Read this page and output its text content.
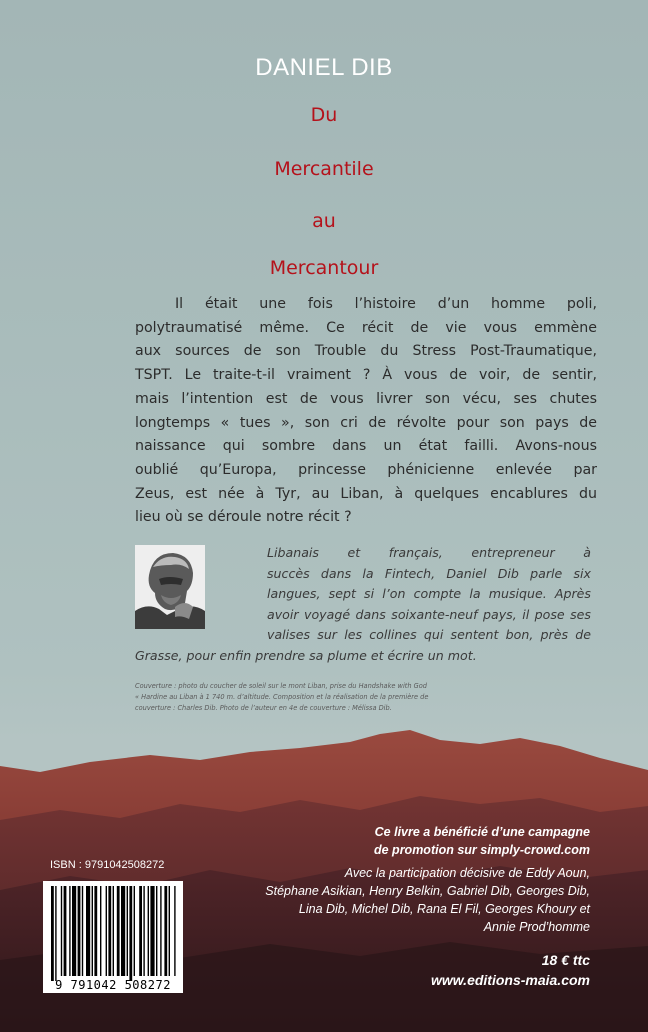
DANIEL DIB
Du
Mercantile
au
Mercantour
Il était une fois l’histoire d’un homme poli,
polytraumatisé même. Ce récit de vie vous emmène
aux sources de son Trouble du Stress Post-Traumatique,
TSPT. Le traite-t-il vraiment ? À vous de voir, de sentir,
mais l’intention est de vous livrer son vécu, ses chutes
longtemps « tues », son cri de révolte pour son pays de
naissance qui sombre dans un état failli. Avons-nous
oublié qu’Europa, princesse phénicienne enlevée par
Zeus, est née à Tyr, au Liban, à quelques encablures du
lieu où se déroule notre récit ?
Libanais et français, entrepreneur à
succès dans la Fintech, Daniel Dib parle six
langues, sept si l’on compte la musique. Après
avoir voyagé dans soixante-neuf pays, il pose ses
valises sur les collines qui sentent bon, près de
Grasse, pour enfin prendre sa plume et écrire un mot.
Couverture : photo du coucher de soleil sur le mont Liban, prise du Handshake with God
« Hardine au Liban à 1 740 m. d’altitude. Composition et la réalisation de la première de
couverture : Charles Dib. Photo de l’auteur en 4e de couverture : Mélissa Dib.
Ce livre a bénéficié d’une campagne
de promotion sur simply-crowd.com
Avec la participation décisive de Eddy Aoun,
Stéphane Asikian, Henry Belkin, Gabriel Dib, Georges Dib,
Lina Dib, Michel Dib, Rana El Fil, Georges Khoury et
Annie Prod’homme
18 € ttc
www.editions-maia.com
ISBN : 9791042508272
9 791042 508272
